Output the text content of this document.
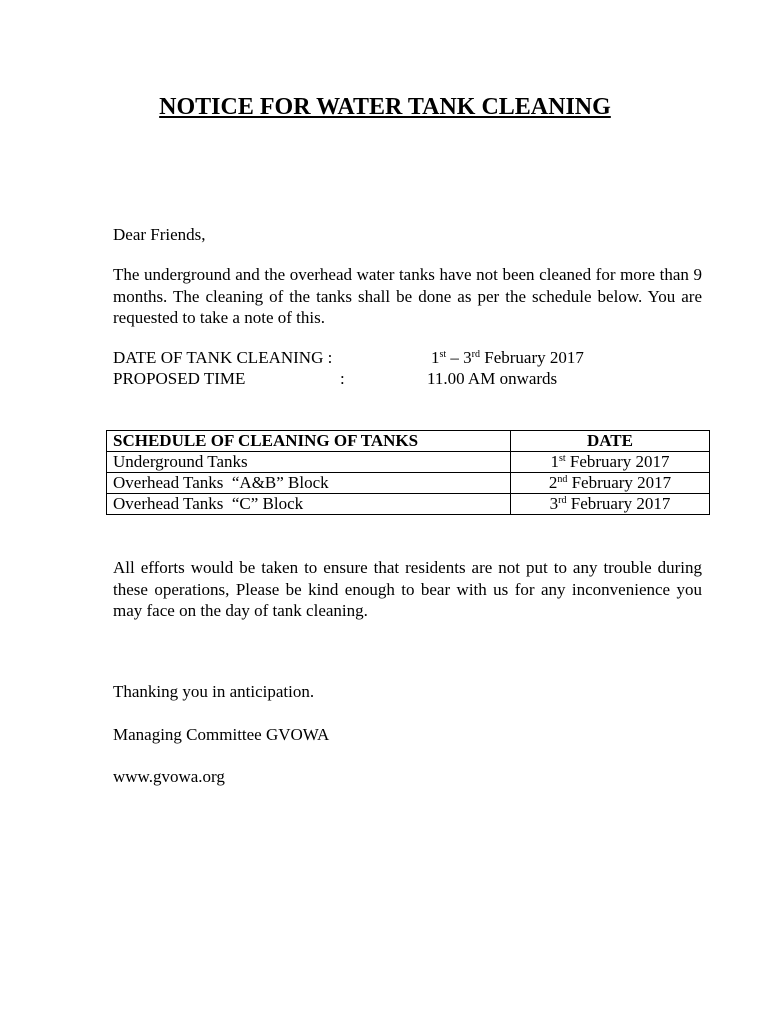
NOTICE FOR WATER TANK CLEANING
Dear Friends,
The underground and the overhead water tanks have not been cleaned for more than 9 months. The cleaning of the tanks shall be done as per the schedule below. You are requested to take a note of this.
DATE OF TANK CLEANING :	1st – 3rd February 2017
PROPOSED TIME	:	11.00 AM onwards
SCHEDULE OF CLEANING OF TANKS	DATE
Underground Tanks	1st February 2017
Overhead Tanks  “A&B” Block	2nd February 2017
Overhead Tanks  “C” Block	3rd February 2017
All efforts would be taken to ensure that residents are not put to any trouble during these operations, Please be kind enough to bear with us for any inconvenience you may face on the day of tank cleaning.
Thanking you in anticipation.
Managing Committee GVOWA
www.gvowa.org
